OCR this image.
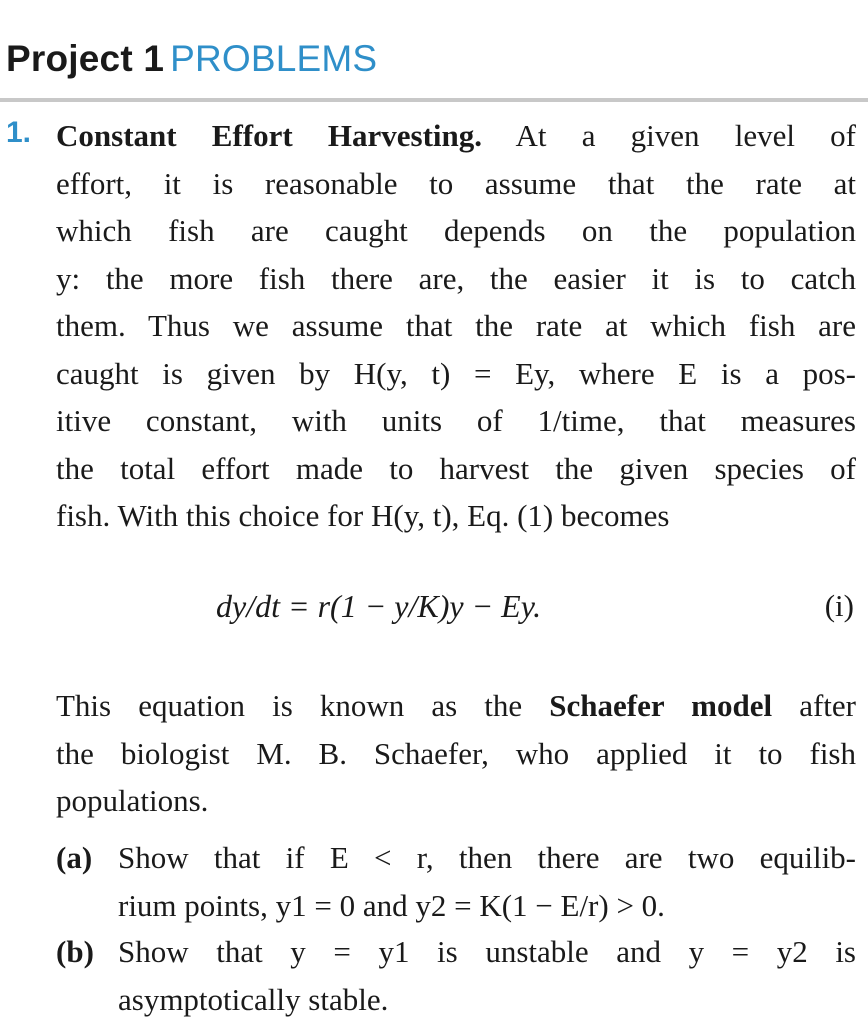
Project 1 PROBLEMS
1. Constant Effort Harvesting. At a given level of
effort, it is reasonable to assume that the rate at
which fish are caught depends on the population
y: the more fish there are, the easier it is to catch
them. Thus we assume that the rate at which fish are
caught is given by H(y, t) = Ey, where E is a pos-
itive constant, with units of 1/time, that measures
the total effort made to harvest the given species of
fish. With this choice for H(y, t), Eq. (1) becomes
dy/dt = r(1 − y/K)y − Ey.	(i)
This equation is known as the Schaefer model after
the biologist M. B. Schaefer, who applied it to fish
populations.
(a) Show that if E < r, then there are two equilib-
rium points, y1 = 0 and y2 = K(1 − E/r) > 0.
(b) Show that y = y1 is unstable and y = y2 is
asymptotically stable.
